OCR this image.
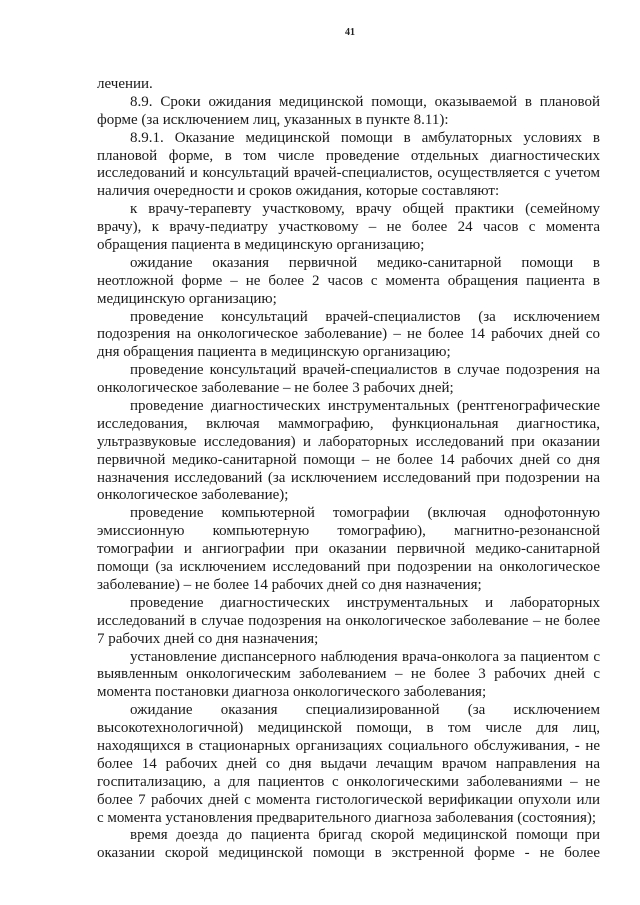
41
лечении.
8.9. Сроки ожидания медицинской помощи, оказываемой в плановой
форме (за исключением лиц, указанных в пункте 8.11):
8.9.1. Оказание медицинской помощи в амбулаторных условиях в
плановой форме, в том числе проведение отдельных диагностических
исследований и консультаций врачей-специалистов, осуществляется с учетом
наличия очередности и сроков ожидания, которые составляют:
к врачу-терапевту участковому, врачу общей практики (семейному
врачу), к врачу-педиатру участковому – не более 24 часов с момента
обращения пациента в медицинскую организацию;
ожидание оказания первичной медико-санитарной помощи в
неотложной форме – не более 2 часов с момента обращения пациента в
медицинскую организацию;
проведение консультаций врачей-специалистов (за исключением
подозрения на онкологическое заболевание) – не более 14 рабочих дней со
дня обращения пациента в медицинскую организацию;
проведение консультаций врачей-специалистов в случае подозрения на
онкологическое заболевание – не более 3 рабочих дней;
проведение диагностических инструментальных (рентгенографические
исследования, включая маммографию, функциональная диагностика,
ультразвуковые исследования) и лабораторных исследований при оказании
первичной медико-санитарной помощи – не более 14 рабочих дней со дня
назначения исследований (за исключением исследований при подозрении на
онкологическое заболевание);
проведение компьютерной томографии (включая однофотонную
эмиссионную компьютерную томографию), магнитно-резонансной
томографии и ангиографии при оказании первичной медико-санитарной
помощи (за исключением исследований при подозрении на онкологическое
заболевание) – не более 14 рабочих дней со дня назначения;
проведение диагностических инструментальных и лабораторных
исследований в случае подозрения на онкологическое заболевание – не более
7 рабочих дней со дня назначения;
установление диспансерного наблюдения врача-онколога за пациентом с
выявленным онкологическим заболеванием – не более 3 рабочих дней с
момента постановки диагноза онкологического заболевания;
ожидание оказания специализированной (за исключением
высокотехнологичной) медицинской помощи, в том числе для лиц,
находящихся в стационарных организациях социального обслуживания, - не
более 14 рабочих дней со дня выдачи лечащим врачом направления на
госпитализацию, а для пациентов с онкологическими заболеваниями – не
более 7 рабочих дней с момента гистологической верификации опухоли или
с момента установления предварительного диагноза заболевания (состояния);
время доезда до пациента бригад скорой медицинской помощи при
оказании скорой медицинской помощи в экстренной форме - не более
